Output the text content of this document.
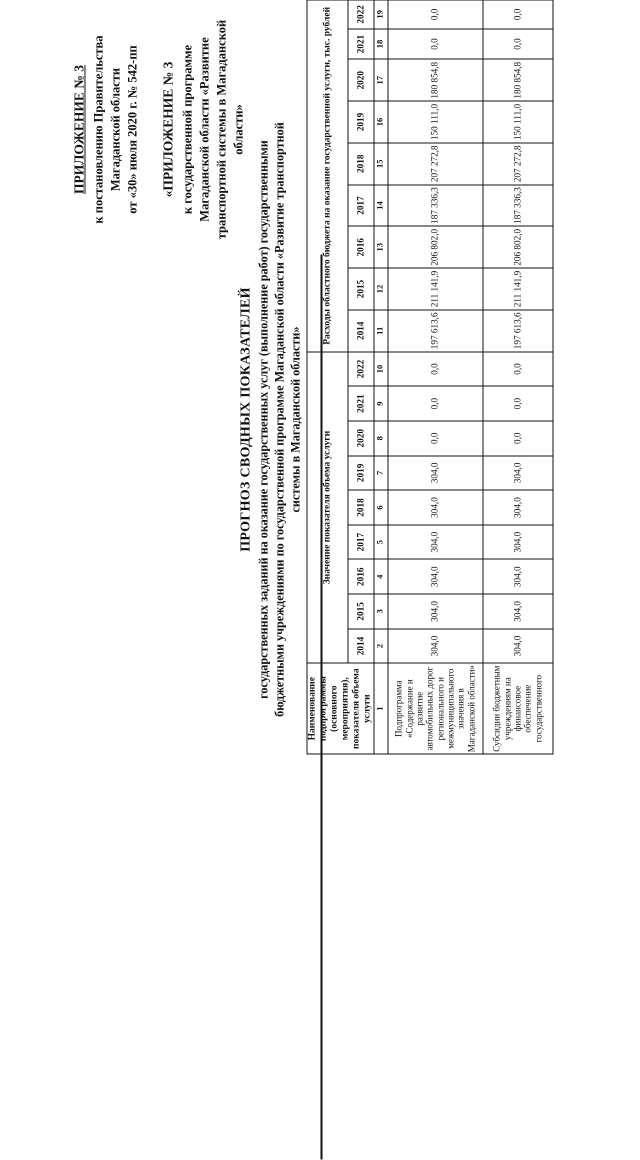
ПРИЛОЖЕНИЕ № 3 к постановлению Правительства Магаданской области от «30» июля 2020 г. № 542-пп «ПРИЛОЖЕНИЕ № 3 к государственной программе Магаданской области «Развитие транспортной системы в Магаданской области»
ПРОГНОЗ СВОДНЫХ ПОКАЗАТЕЛЕЙ государственных заданий на оказание государственных услуг (выполнение работ) государственными бюджетными учреждениями по государственной программе Магаданской области «Развитие транспортной системы в Магаданской области»
Наименование подпрограммы (основного мероприятия), показателя объема услуги	Значение показателя объема услуги									Расходы областного бюджета на оказание государственной услуги, тыс. рублей								
	2014	2015	2016	2017	2018	2019	2020	2021	2022	2014	2015	2016	2017	2018	2019	2020	2021	2022
1	2	3	4	5	6	7	8	9	10	11	12	13	14	15	16	17	18	19
Подпрограмма «Содержание и развитие автомобильных дорог регионального и межмуниципального значения в Магаданской области»	304,0	304,0	304,0	304,0	304,0	304,0	0,0	0,0	0,0	197 613,6	211 141,9	206 802,0	187 336,3	207 272,8	150 111,0	180 854,8	0,0	0,0
Субсидии бюджетным учреждениям на финансовое обеспечение государственного	304,0	304,0	304,0	304,0	304,0	304,0	0,0	0,0	0,0	197 613,6	211 141,9	206 802,0	187 336,3	207 272,8	150 111,0	180 854,8	0,0	0,0
